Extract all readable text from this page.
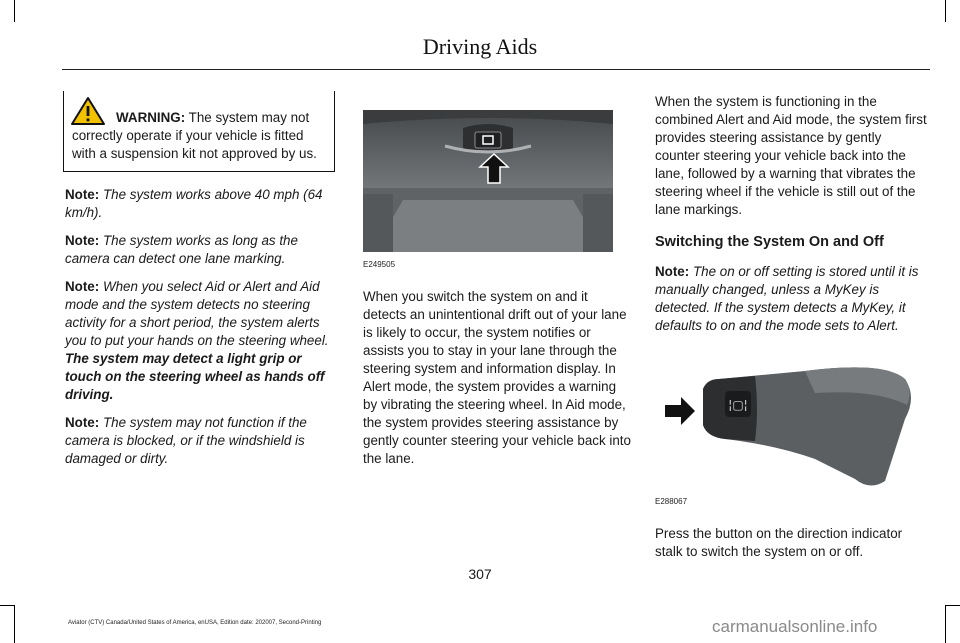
Driving Aids
WARNING: The system may not correctly operate if your vehicle is fitted with a suspension kit not approved by us.

Note: The system works above 40 mph (64 km/h).

Note: The system works as long as the camera can detect one lane marking.

Note: When you select Aid or Alert and Aid mode and the system detects no steering activity for a short period, the system alerts you to put your hands on the steering wheel. The system may detect a light grip or touch on the steering wheel as hands off driving.

Note: The system may not function if the camera is blocked, or if the windshield is damaged or dirty.

E249505

When you switch the system on and it detects an unintentional drift out of your lane is likely to occur, the system notifies or assists you to stay in your lane through the steering system and information display. In Alert mode, the system provides a warning by vibrating the steering wheel. In Aid mode, the system provides steering assistance by gently counter steering your vehicle back into the lane.

When the system is functioning in the combined Alert and Aid mode, the system first provides steering assistance by gently counter steering your vehicle back into the lane, followed by a warning that vibrates the steering wheel if the vehicle is still out of the lane markings.

Switching the System On and Off

Note: The on or off setting is stored until it is manually changed, unless a MyKey is detected. If the system detects a MyKey, it defaults to on and the mode sets to Alert.

¦▢¦
E288067

Press the button on the direction indicator stalk to switch the system on or off.

307
Aviator (CTV) Canada/United States of America, enUSA, Edition date: 202007, Second-Printing	carmanualsonline.info
